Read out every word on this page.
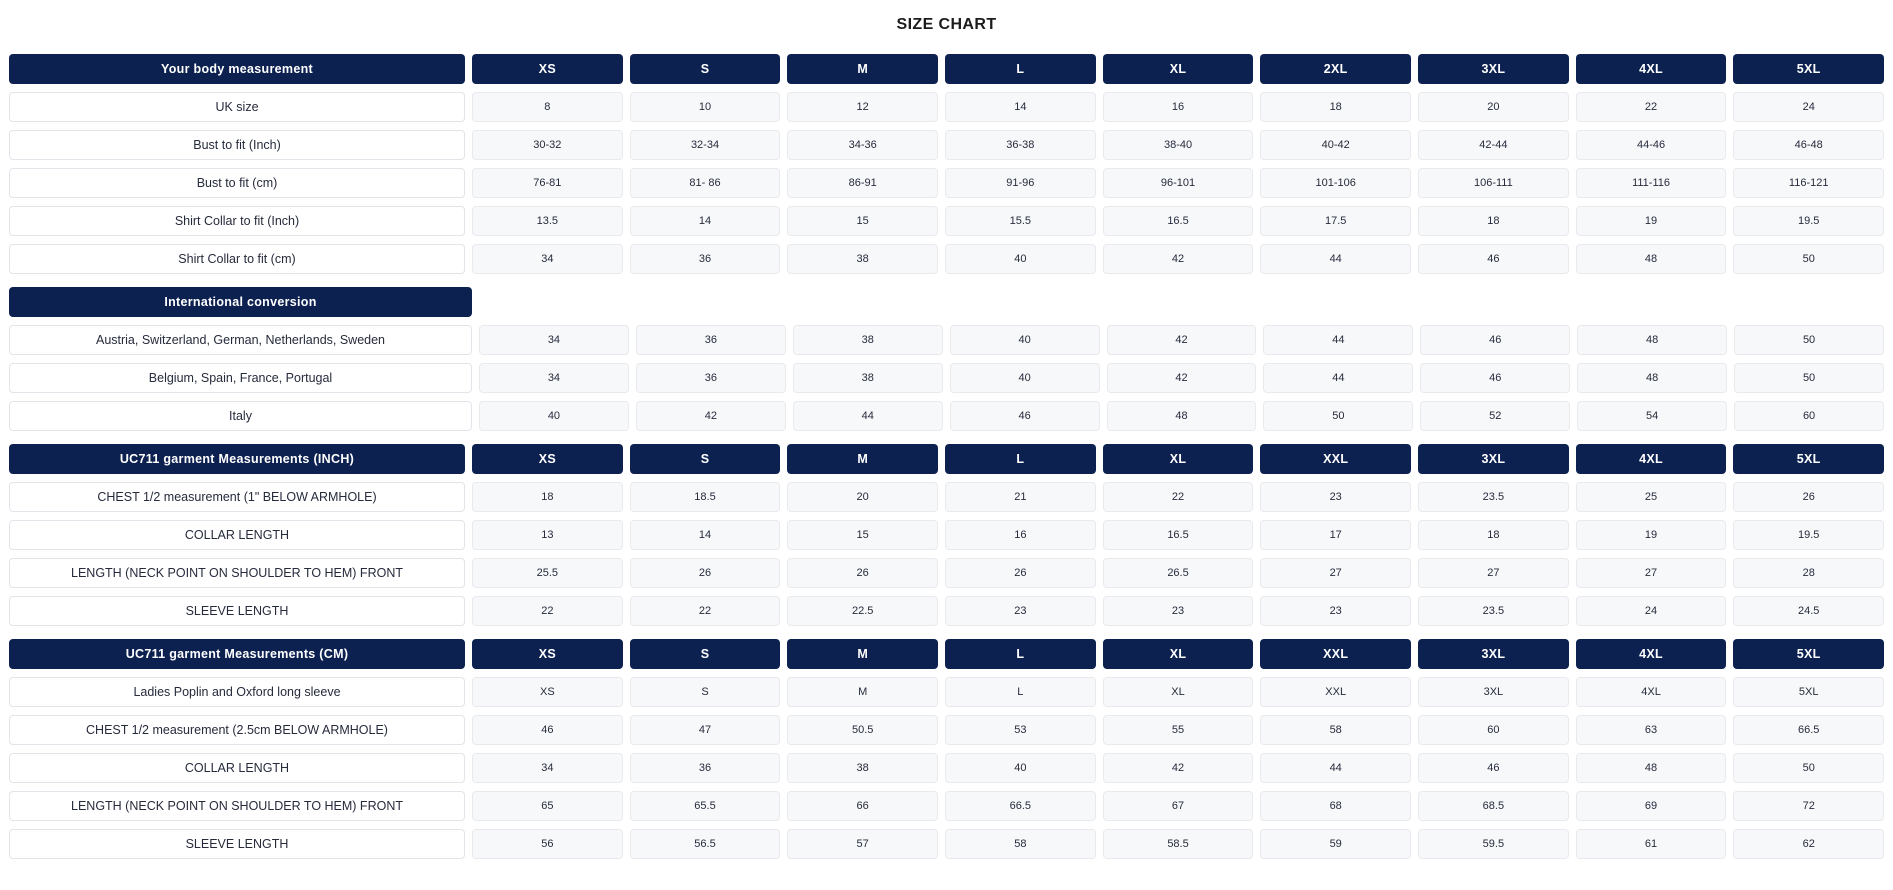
SIZE CHART
Your body measurement	XS	S	M	L	XL	2XL	3XL	4XL	5XL
UK size	8	10	12	14	16	18	20	22	24
Bust to fit (Inch)	30-32	32-34	34-36	36-38	38-40	40-42	42-44	44-46	46-48
Bust to fit (cm)	76-81	81- 86	86-91	91-96	96-101	101-106	106-111	111-116	116-121
Shirt Collar to fit (Inch)	13.5	14	15	15.5	16.5	17.5	18	19	19.5
Shirt Collar to fit (cm)	34	36	38	40	42	44	46	48	50
International conversion
Austria, Switzerland, German, Netherlands, Sweden	34	36	38	40	42	44	46	48	50
Belgium, Spain, France, Portugal	34	36	38	40	42	44	46	48	50
Italy	40	42	44	46	48	50	52	54	60
UC711 garment Measurements (INCH)	XS	S	M	L	XL	XXL	3XL	4XL	5XL
CHEST 1/2 measurement (1" BELOW ARMHOLE)	18	18.5	20	21	22	23	23.5	25	26
COLLAR LENGTH	13	14	15	16	16.5	17	18	19	19.5
LENGTH (NECK POINT ON SHOULDER TO HEM) FRONT	25.5	26	26	26	26.5	27	27	27	28
SLEEVE LENGTH	22	22	22.5	23	23	23	23.5	24	24.5
UC711 garment Measurements (CM)	XS	S	M	L	XL	XXL	3XL	4XL	5XL
Ladies Poplin and Oxford long sleeve	XS	S	M	L	XL	XXL	3XL	4XL	5XL
CHEST 1/2 measurement (2.5cm BELOW ARMHOLE)	46	47	50.5	53	55	58	60	63	66.5
COLLAR LENGTH	34	36	38	40	42	44	46	48	50
LENGTH (NECK POINT ON SHOULDER TO HEM) FRONT	65	65.5	66	66.5	67	68	68.5	69	72
SLEEVE LENGTH	56	56.5	57	58	58.5	59	59.5	61	62
